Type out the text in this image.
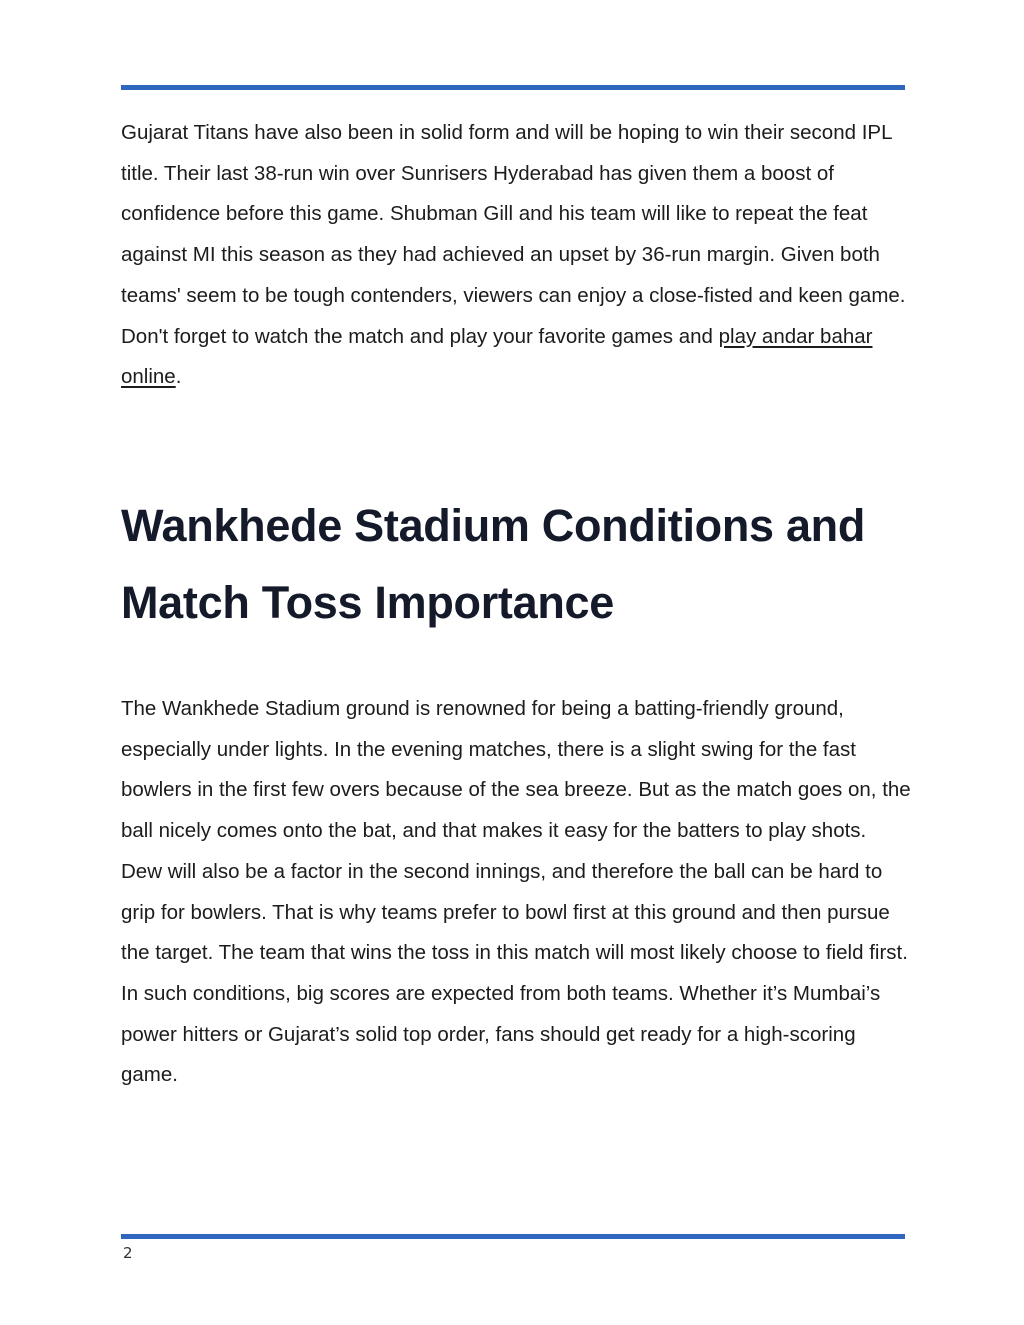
Gujarat Titans have also been in solid form and will be hoping to win their second IPL title. Their last 38-run win over Sunrisers Hyderabad has given them a boost of confidence before this game. Shubman Gill and his team will like to repeat the feat against MI this season as they had achieved an upset by 36-run margin. Given both teams' seem to be tough contenders, viewers can enjoy a close-fisted and keen game. Don't forget to watch the match and play your favorite games and play andar bahar online.

Wankhede Stadium Conditions and
Match Toss Importance

The Wankhede Stadium ground is renowned for being a batting-friendly ground, especially under lights. In the evening matches, there is a slight swing for the fast bowlers in the first few overs because of the sea breeze. But as the match goes on, the ball nicely comes onto the bat, and that makes it easy for the batters to play shots. Dew will also be a factor in the second innings, and therefore the ball can be hard to grip for bowlers. That is why teams prefer to bowl first at this ground and then pursue the target. The team that wins the toss in this match will most likely choose to field first. In such conditions, big scores are expected from both teams. Whether it’s Mumbai’s power hitters or Gujarat’s solid top order, fans should get ready for a high-scoring game.

2
